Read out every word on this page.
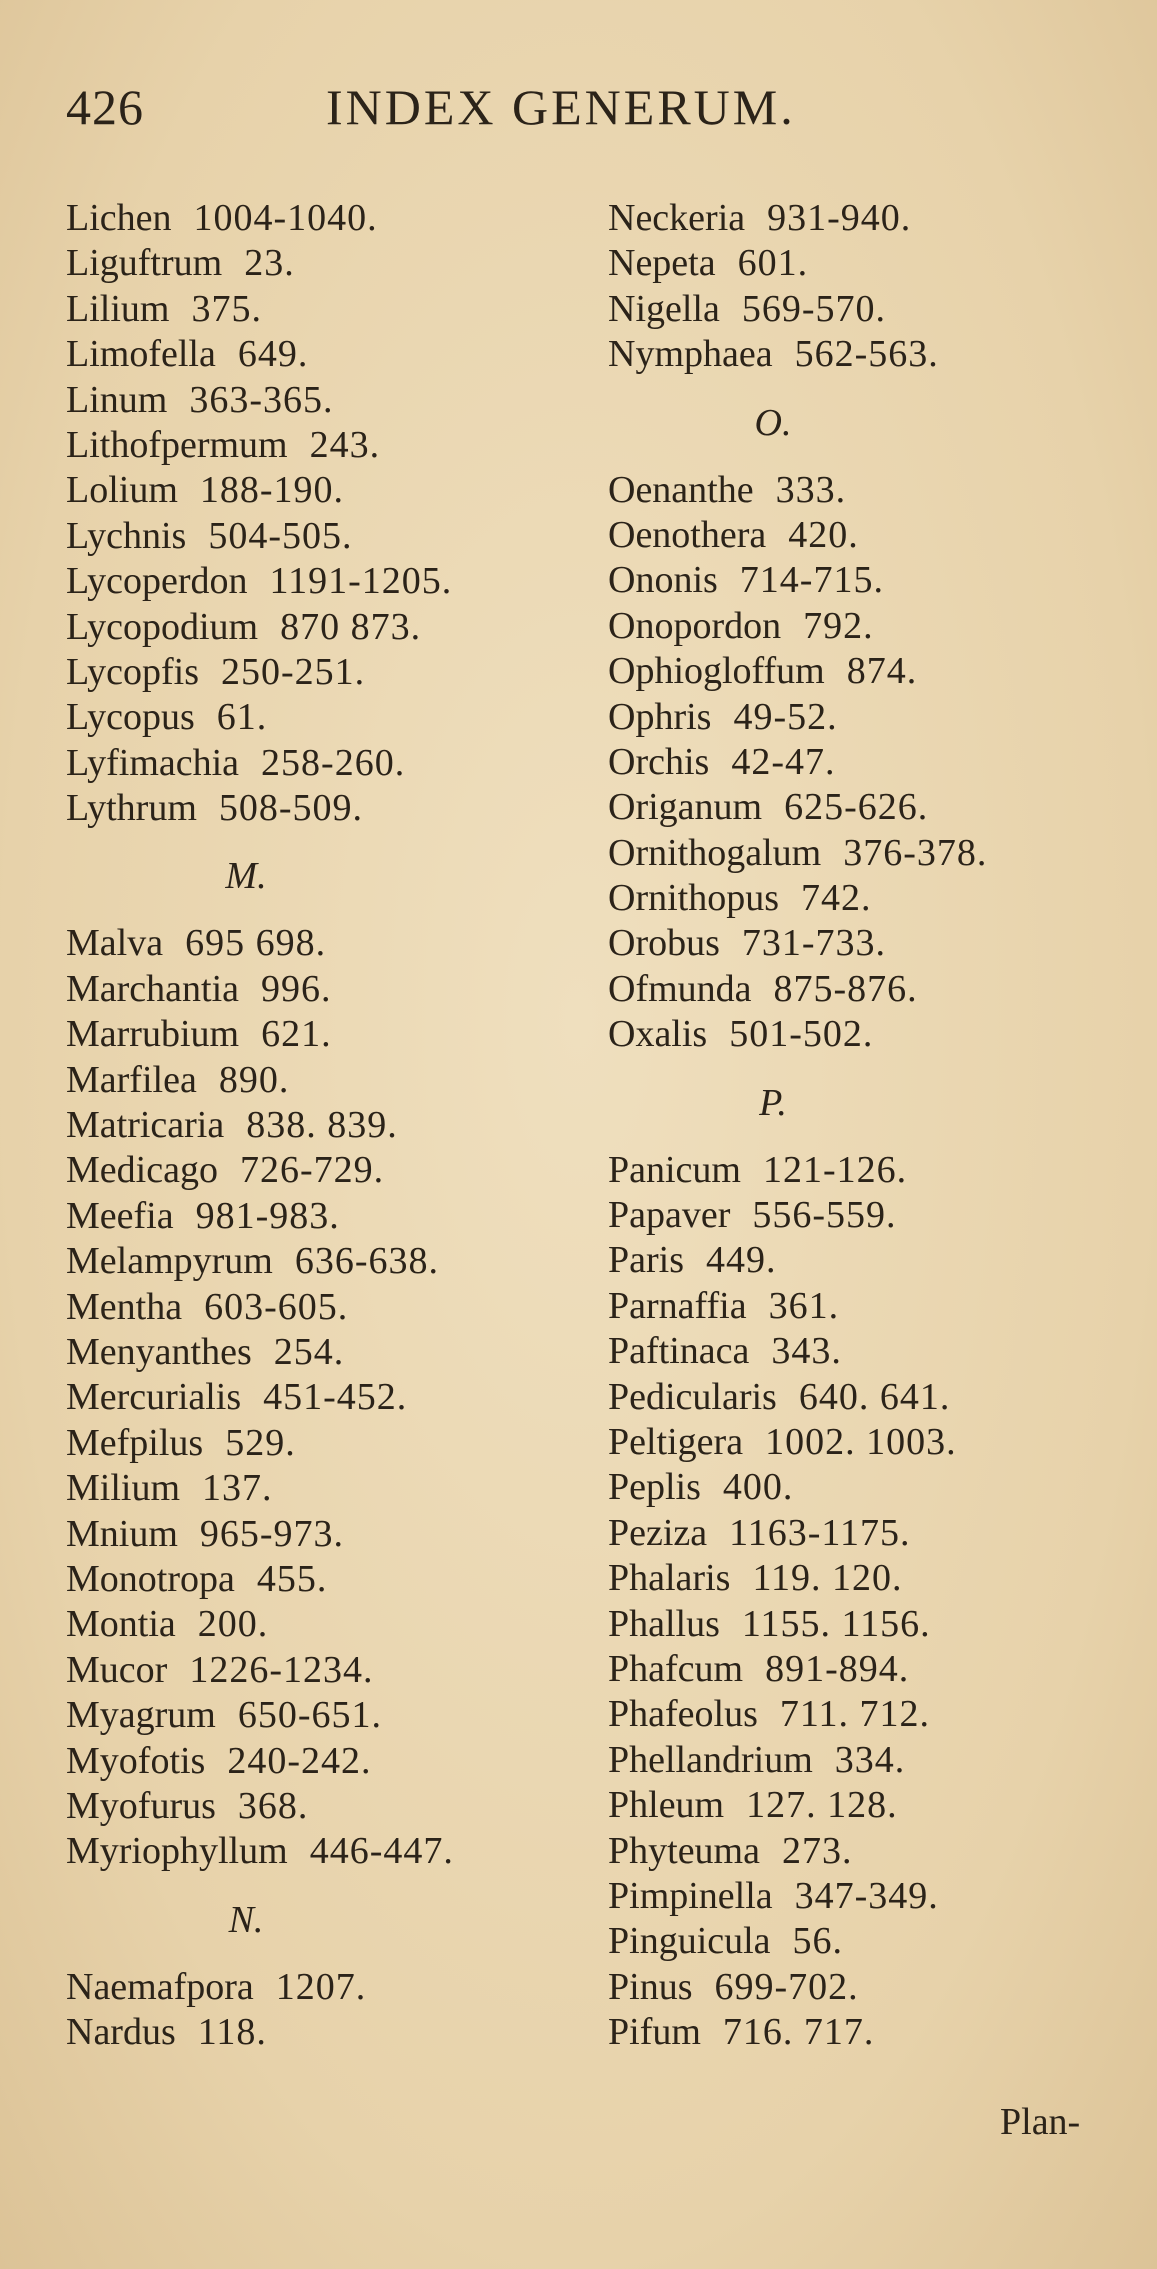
426	INDEX GENERUM.
Lichen 1004-1040.
Liguftrum 23.
Lilium 375.
Limofella 649.
Linum 363-365.
Lithofpermum 243.
Lolium 188-190.
Lychnis 504-505.
Lycoperdon 1191-1205.
Lycopodium 870 873.
Lycopfis 250-251.
Lycopus 61.
Lyfimachia 258-260.
Lythrum 508-509.
M.
Malva 695 698.
Marchantia 996.
Marrubium 621.
Marfilea 890.
Matricaria 838. 839.
Medicago 726-729.
Meefia 981-983.
Melampyrum 636-638.
Mentha 603-605.
Menyanthes 254.
Mercurialis 451-452.
Mefpilus 529.
Milium 137.
Mnium 965-973.
Monotropa 455.
Montia 200.
Mucor 1226-1234.
Myagrum 650-651.
Myofotis 240-242.
Myofurus 368.
Myriophyllum 446-447.
N.
Naemafpora 1207.
Nardus 118.
Neckeria 931-940.
Nepeta 601.
Nigella 569-570.
Nymphaea 562-563.
O.
Oenanthe 333.
Oenothera 420.
Ononis 714-715.
Onopordon 792.
Ophiogloffum 874.
Ophris 49-52.
Orchis 42-47.
Origanum 625-626.
Ornithogalum 376-378.
Ornithopus 742.
Orobus 731-733.
Ofmunda 875-876.
Oxalis 501-502.
P.
Panicum 121-126.
Papaver 556-559.
Paris 449.
Parnaffia 361.
Paftinaca 343.
Pedicularis 640. 641.
Peltigera 1002. 1003.
Peplis 400.
Peziza 1163-1175.
Phalaris 119. 120.
Phallus 1155. 1156.
Phafcum 891-894.
Phafeolus 711. 712.
Phellandrium 334.
Phleum 127. 128.
Phyteuma 273.
Pimpinella 347-349.
Pinguicula 56.
Pinus 699-702.
Pifum 716. 717.
Plan-
